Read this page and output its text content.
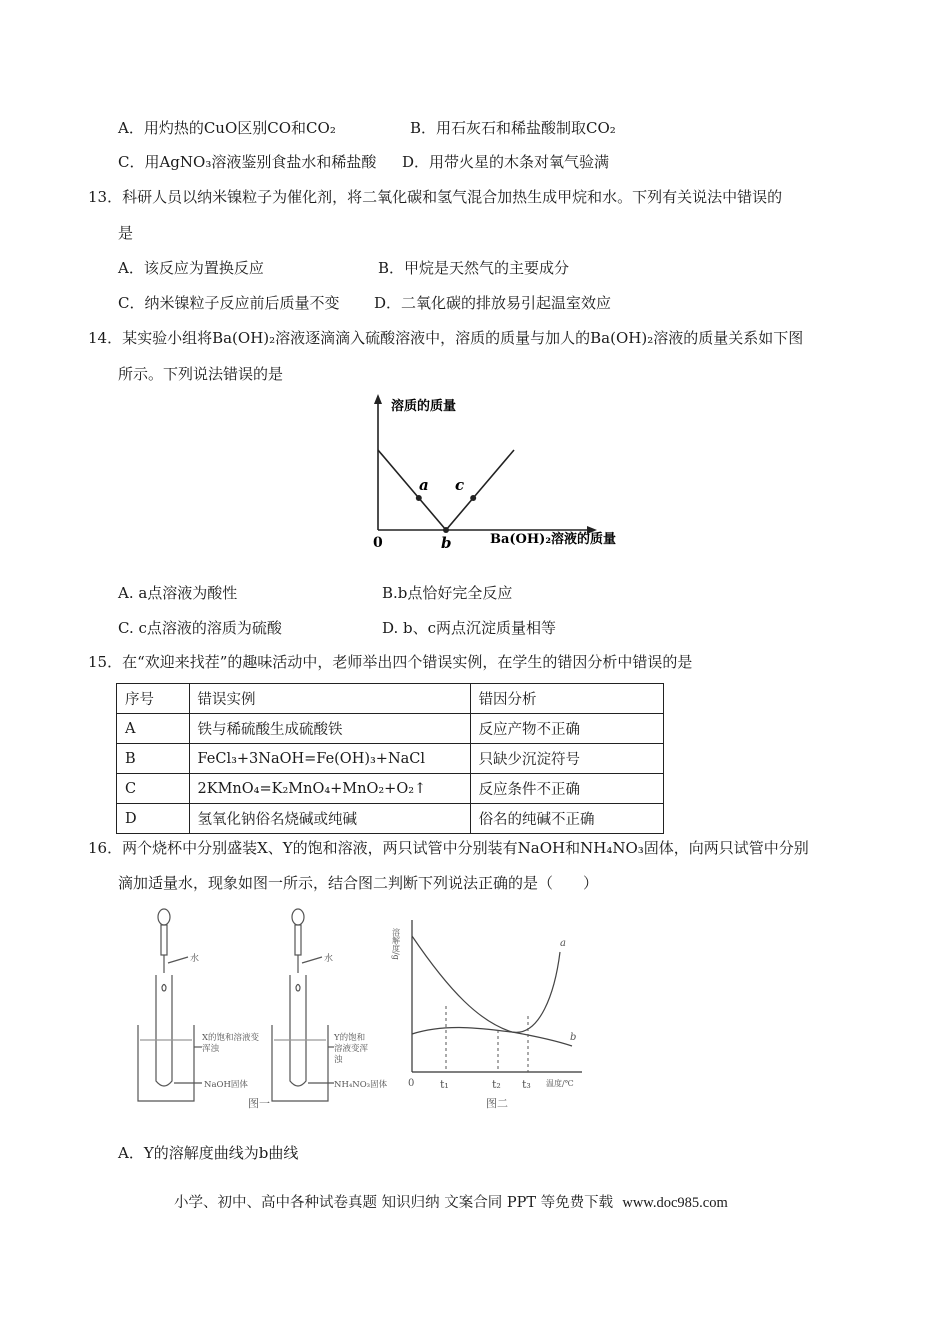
A．用灼热的CuO区别CO和CO₂	B．用石灰石和稀盐酸制取CO₂
C．用AgNO₃溶液鉴别食盐水和稀盐酸 D．用带火星的木条对氧气验满
13．科研人员以纳米镍粒子为催化剂，将二氧化碳和氢气混合加热生成甲烷和水。下列有关说法中错误的
是
A．该反应为置换反应	B．甲烷是天然气的主要成分
C．纳米镍粒子反应前后质量不变 D．二氧化碳的排放易引起温室效应
14．某实验小组将Ba(OH)₂溶液逐滴滴入硫酸溶液中，溶质的质量与加人的Ba(OH)₂溶液的质量关系如下图
所示。下列说法错误的是
溶质的质量
0	b
a c
Ba(OH)₂溶液的质量
A. a点溶液为酸性	B.b点恰好完全反应
C. c点溶液的溶质为硫酸	D. b、c两点沉淀质量相等
15．在“欢迎来找茬”的趣味活动中，老师举出四个错误实例，在学生的错因分析中错误的是
序号	错误实例	错因分析
A	铁与稀硫酸生成硫酸铁	反应产物不正确
B	FeCl₃+3NaOH=Fe(OH)₃+NaCl	只缺少沉淀符号
C	2KMnO₄=K₂MnO₄+MnO₂+O₂↑	反应条件不正确
D	氢氧化钠俗名烧碱或纯碱	俗名的纯碱不正确
16．两个烧杯中分别盛装X、Y的饱和溶液，两只试管中分别装有NaOH和NH₄NO₃固体，向两只试管中分别
滴加适量水，现象如图一所示，结合图二判断下列说法正确的是（　　）
水	水
X的饱和溶液变浑浊
Y的饱和溶液变浑浊
NaOH固体	NH₄NO₃固体
图一
溶解度/g	a
b
0 t₁	t₂ t₃ 温度/℃
图二
A．Y的溶解度曲线为b曲线
小学、初中、高中各种试卷真题 知识归纳 文案合同 PPT 等免费下载 www.doc985.com
